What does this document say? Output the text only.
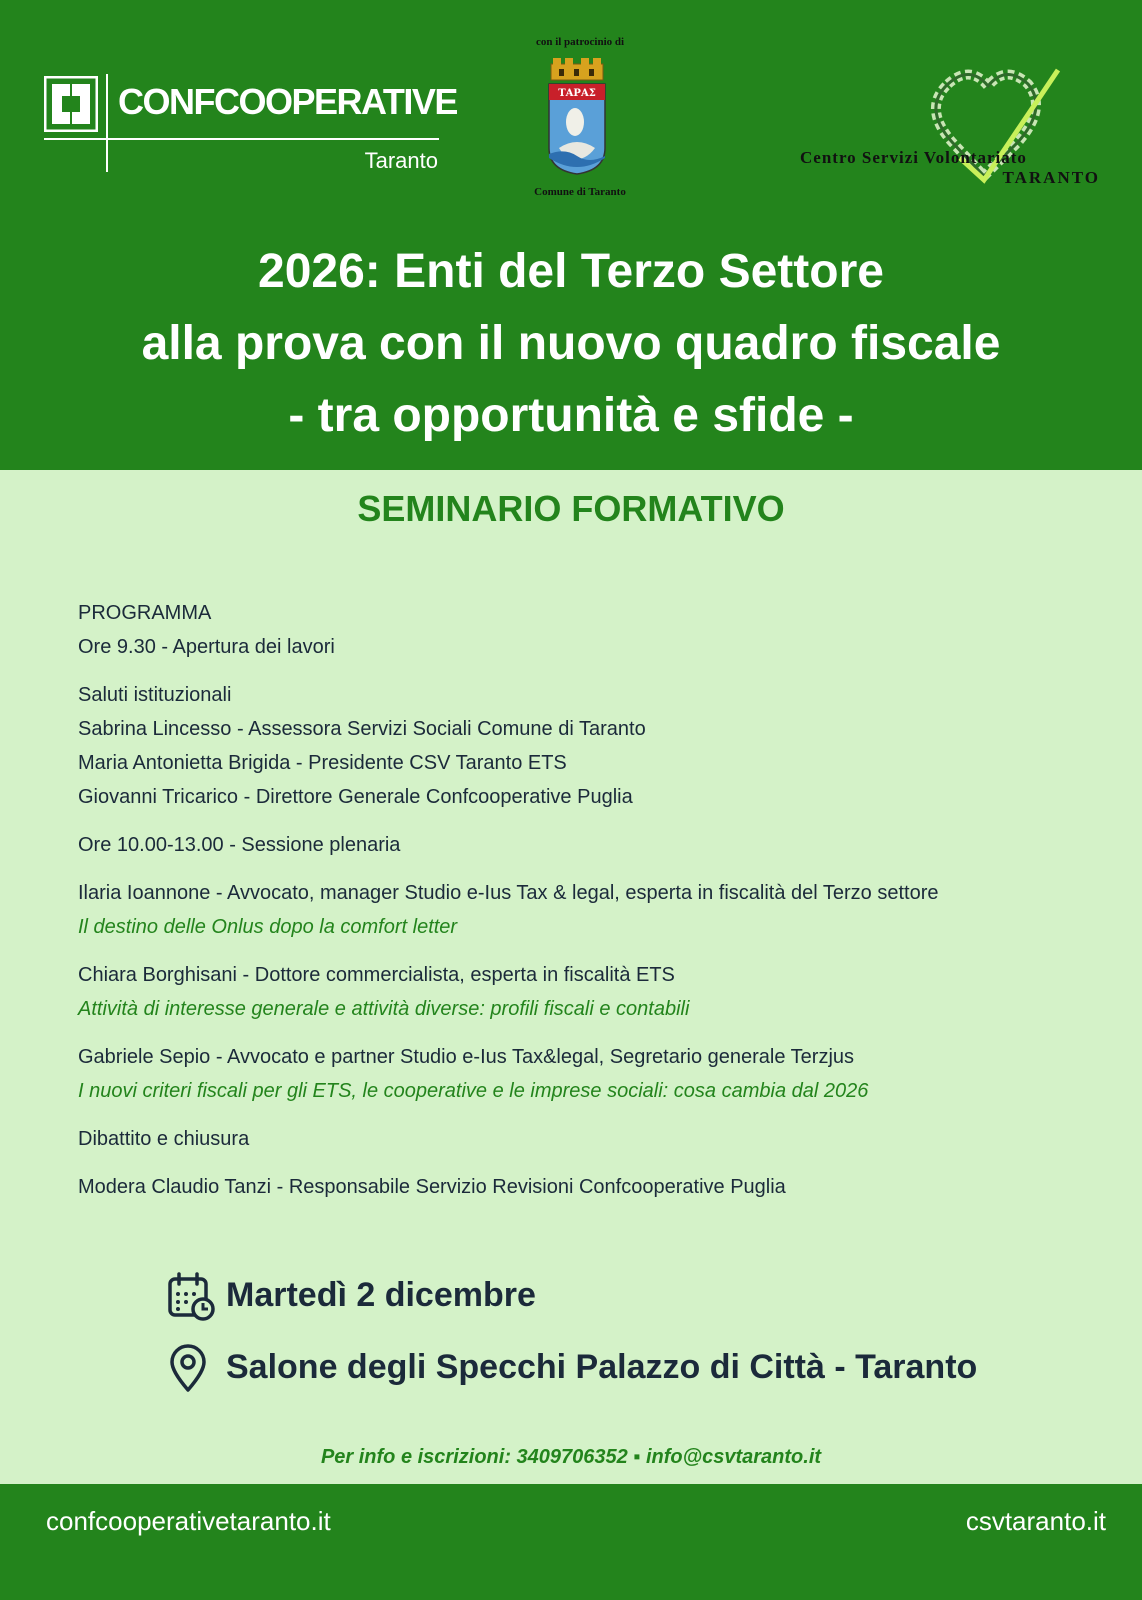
CONFCOOPERATIVE
Taranto
con il patrocinio di
ΤΑΡΑΣ
Comune di Taranto
Centro Servizi Volontariato
TARANTO
2026: Enti del Terzo Settore
alla prova con il nuovo quadro fiscale
- tra opportunità e sfide -
SEMINARIO FORMATIVO
PROGRAMMA
Ore 9.30 - Apertura dei lavori
Saluti istituzionali
Sabrina Lincesso - Assessora Servizi Sociali Comune di Taranto
Maria Antonietta Brigida - Presidente CSV Taranto ETS
Giovanni Tricarico - Direttore Generale Confcooperative Puglia
Ore 10.00-13.00 - Sessione plenaria
Ilaria Ioannone - Avvocato, manager Studio e-Ius Tax & legal, esperta in fiscalità del Terzo settore
Il destino delle Onlus dopo la comfort letter
Chiara Borghisani - Dottore commercialista, esperta in fiscalità ETS
Attività di interesse generale e attività diverse: profili fiscali e contabili
Gabriele Sepio - Avvocato e partner Studio e-Ius Tax&legal, Segretario generale Terzjus
I nuovi criteri fiscali per gli ETS, le cooperative e le imprese sociali: cosa cambia dal 2026
Dibattito e chiusura
Modera Claudio Tanzi - Responsabile Servizio Revisioni Confcooperative Puglia
Martedì 2 dicembre
Salone degli Specchi Palazzo di Città - Taranto
Per info e iscrizioni: 3409706352 ▪ info@csvtaranto.it
confcooperativetaranto.it	csvtaranto.it
